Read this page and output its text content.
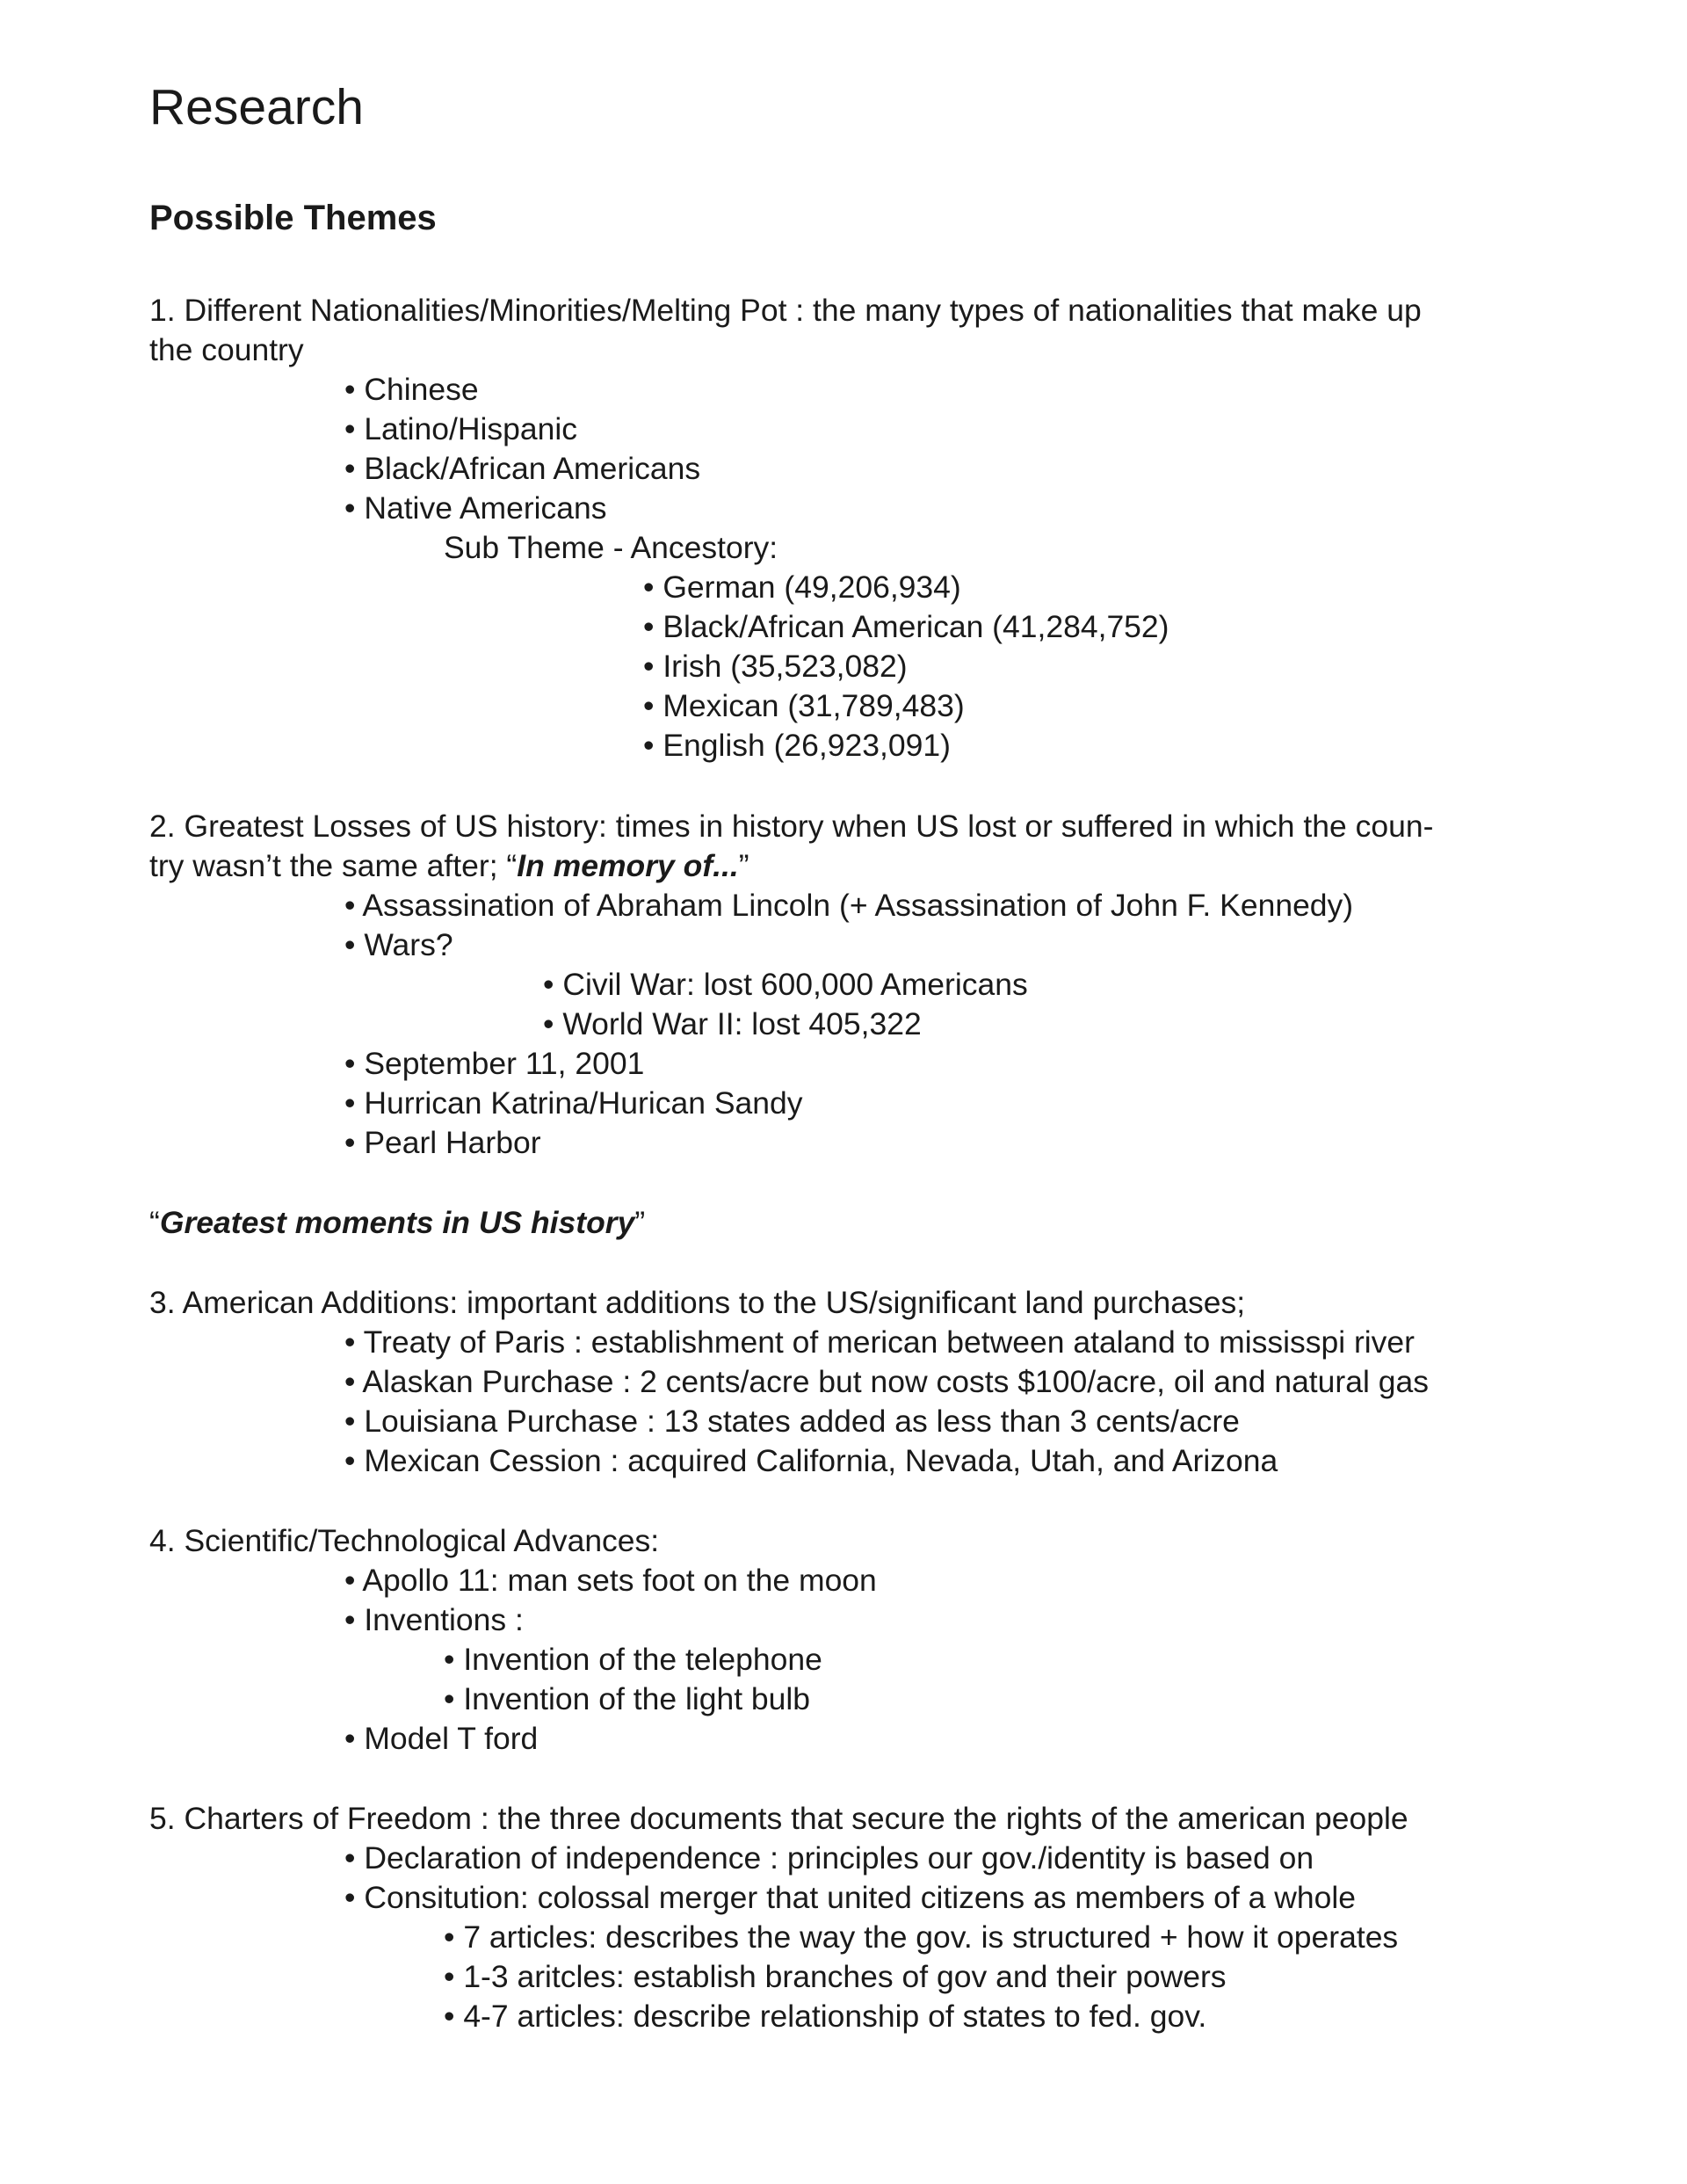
Research
Possible Themes

1. Different Nationalities/Minorities/Melting Pot : the many types of nationalities that make up

the country

• Chinese

• Latino/Hispanic

• Black/African Americans

• Native Americans

Sub Theme - Ancestory:

• German (49,206,934)

• Black/African American (41,284,752)

• Irish (35,523,082)

• Mexican (31,789,483)

• English (26,923,091)

2. Greatest Losses of US history: times in history when US lost or suffered in which the coun-

try wasn’t the same after; “In memory of...”

• Assassination of Abraham Lincoln (+ Assassination of John F. Kennedy)

• Wars?

• Civil War: lost 600,000 Americans

• World War II: lost 405,322

• September 11, 2001

• Hurrican Katrina/Hurican Sandy

• Pearl Harbor

“Greatest moments in US history”

3. American Additions: important additions to the US/significant land purchases;

• Treaty of Paris : establishment of merican between ataland to mississpi river

• Alaskan Purchase : 2 cents/acre but now costs $100/acre, oil and natural gas

• Louisiana Purchase : 13 states added as less than 3 cents/acre

• Mexican Cession : acquired California, Nevada, Utah, and Arizona

4. Scientific/Technological Advances:

• Apollo 11: man sets foot on the moon

• Inventions :

• Invention of the telephone

• Invention of the light bulb

• Model T ford

5. Charters of Freedom : the three documents that secure the rights of the american people

• Declaration of independence : principles our gov./identity is based on

• Consitution: colossal merger that united citizens as members of a whole

• 7 articles: describes the way the gov. is structured + how it operates

• 1-3 aritcles: establish branches of gov and their powers

• 4-7 articles: describe relationship of states to fed. gov.
